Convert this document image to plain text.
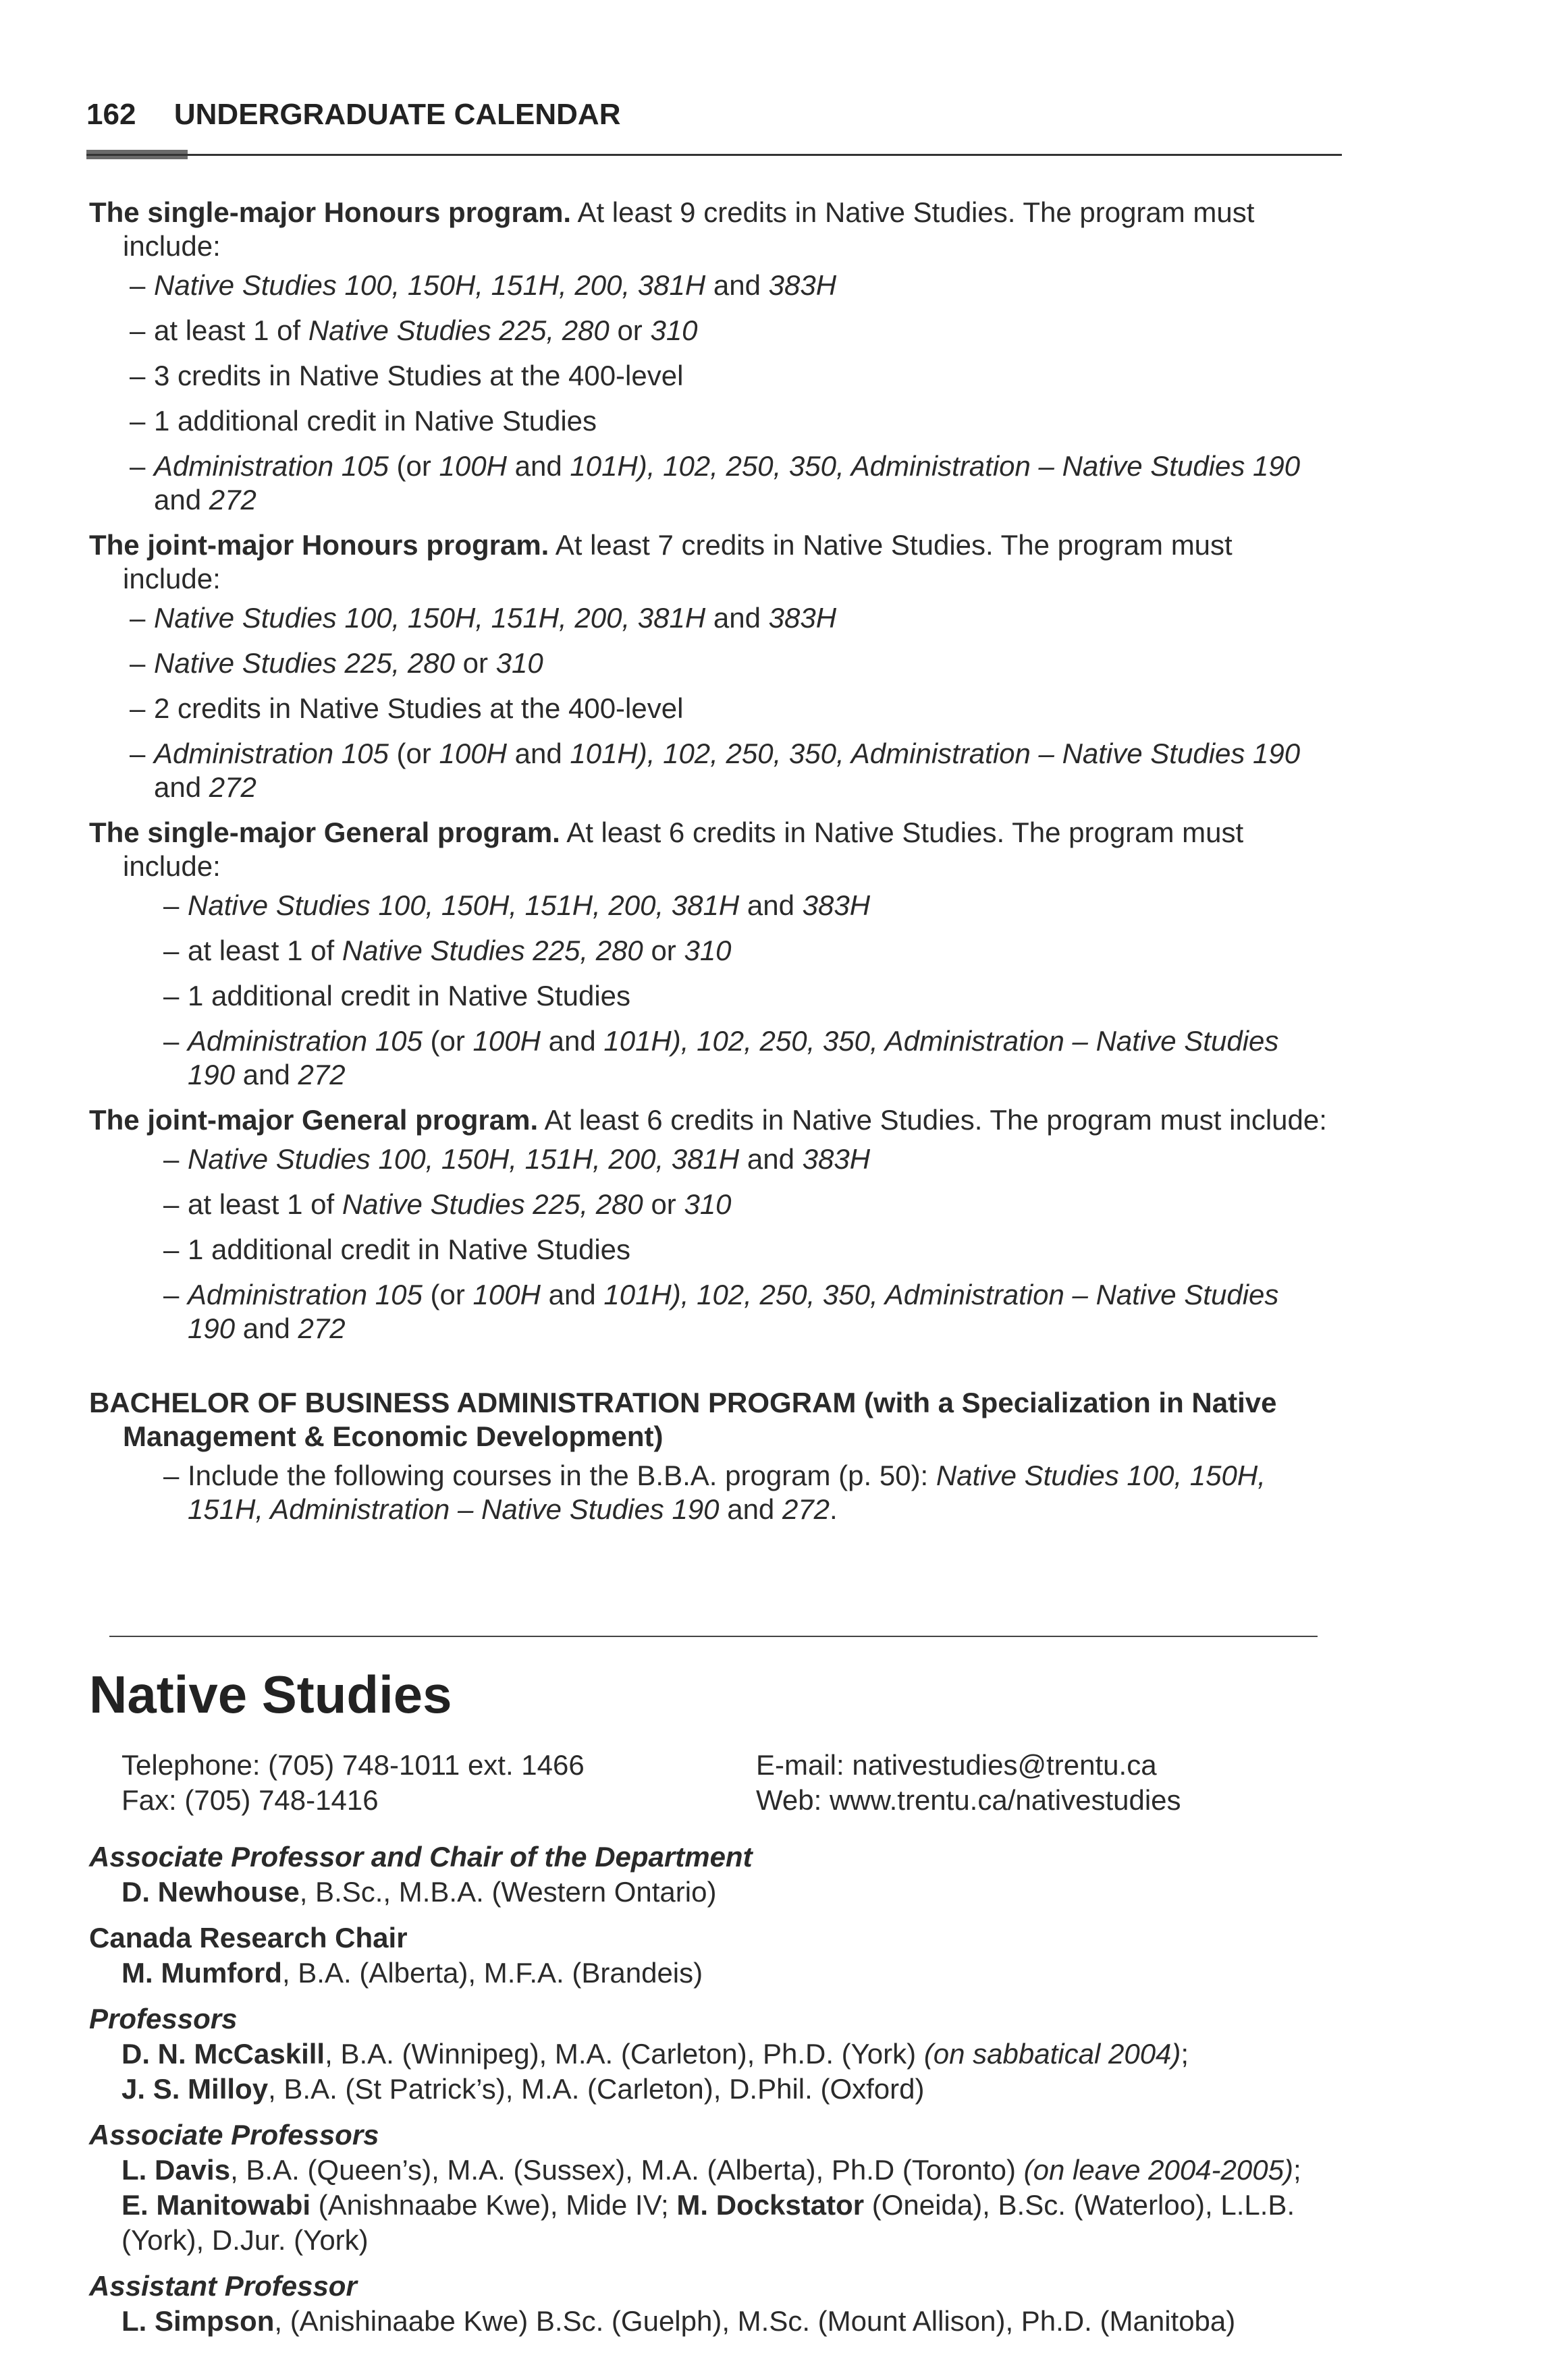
162 UNDERGRADUATE CALENDAR

The single-major Honours program. At least 9 credits in Native Studies. The program must
include:

– Native Studies 100, 150H, 151H, 200, 381H and 383H
– at least 1 of Native Studies 225, 280 or 310
– 3 credits in Native Studies at the 400-level
– 1 additional credit in Native Studies
– Administration 105 (or 100H and 101H), 102, 250, 350, Administration – Native Studies 190
and 272

The joint-major Honours program. At least 7 credits in Native Studies. The program must
include:

– Native Studies 100, 150H, 151H, 200, 381H and 383H
– Native Studies 225, 280 or 310
– 2 credits in Native Studies at the 400-level
– Administration 105 (or 100H and 101H), 102, 250, 350, Administration – Native Studies 190
and 272

The single-major General program. At least 6 credits in Native Studies. The program must
include:

– Native Studies 100, 150H, 151H, 200, 381H and 383H
– at least 1 of Native Studies 225, 280 or 310
– 1 additional credit in Native Studies
– Administration 105 (or 100H and 101H), 102, 250, 350, Administration – Native Studies
190 and 272

The joint-major General program. At least 6 credits in Native Studies. The program must include:

– Native Studies 100, 150H, 151H, 200, 381H and 383H
– at least 1 of Native Studies 225, 280 or 310
– 1 additional credit in Native Studies
– Administration 105 (or 100H and 101H), 102, 250, 350, Administration – Native Studies
190 and 272
BACHELOR OF BUSINESS ADMINISTRATION PROGRAM (with a Specialization in Native
Management & Economic Development)
– Include the following courses in the B.B.A. program (p. 50): Native Studies 100, 150H,
151H, Administration – Native Studies 190 and 272.
Native Studies
Telephone: (705) 748-1011 ext. 1466
Fax: (705) 748-1416
E-mail: nativestudies@trentu.ca
Web: www.trentu.ca/nativestudies
Associate Professor and Chair of the Department
D. Newhouse, B.Sc., M.B.A. (Western Ontario)
Canada Research Chair
M. Mumford, B.A. (Alberta), M.F.A. (Brandeis)
Professors
D. N. McCaskill, B.A. (Winnipeg), M.A. (Carleton), Ph.D. (York) (on sabbatical 2004);
J. S. Milloy, B.A. (St Patrick’s), M.A. (Carleton), D.Phil. (Oxford)
Associate Professors
L. Davis, B.A. (Queen’s), M.A. (Sussex), M.A. (Alberta), Ph.D (Toronto) (on leave 2004-2005);
E. Manitowabi (Anishnaabe Kwe), Mide IV; M. Dockstator (Oneida), B.Sc. (Waterloo), L.L.B.
(York), D.Jur. (York)
Assistant Professor
L. Simpson, (Anishinaabe Kwe) B.Sc. (Guelph), M.Sc. (Mount Allison), Ph.D. (Manitoba)
